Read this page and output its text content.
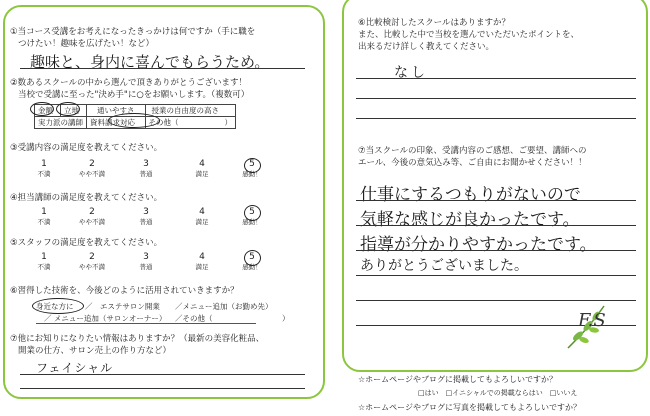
①当コース受講をお考えになったきっかけは何ですか（手に職を
つけたい！趣味を広げたい！など）
趣味と、身内に喜んでもらうため。
②数あるスクールの中から選んで頂きありがとうございます！
当校で受講に至った"決め手"に○をお願いします。（複数可）
金額	立地	通いやすさ	授業の自由度の高さ
実力派の講師		資料請求対応	その他（ ）
③受講内容の満足度を教えてください。
1
不満
2
やや不満
3
普通
4
満足
5
感動！
④担当講師の満足度を教えてください。
1
不満
2
やや不満
3
普通
4
満足
5
感動！
⑤スタッフの満足度を教えてください。
1
不満
2
やや不満
3
普通
4
満足
5
感動！
⑥習得した技術を、今後どのように活用されていきますか？
身近な方に ／ エステサロン開業 ／メニュー追加（お勤め先）
／ メニュー追加（サロンオーナー） ／その他（	）
⑦他にお知りになりたい情報はありますか？（最新の美容化粧品、
開業の仕方、サロン売上の作り方など）
フェイシャル
⑥比較検討したスクールはありますか？
また、比較した中で当校を選んでいただいたポイントを、
出来るだけ詳しく教えてください。
なし
⑦当スクールの印象、受講内容のご感想、ご要望、講師への
エール、今後の意気込み等、ご自由にお聞かせください！！
仕事にするつもりがないので
気軽な感じが良かったです。
指導が分かりやすかったです。
ありがとうございました。
F.S
☆ホームページやブログに掲載してもよろしいですか？
□はい　□イニシャルでの掲載ならはい　□いいえ
☆ホームページやブログに写真を掲載してもよろしいですか？
